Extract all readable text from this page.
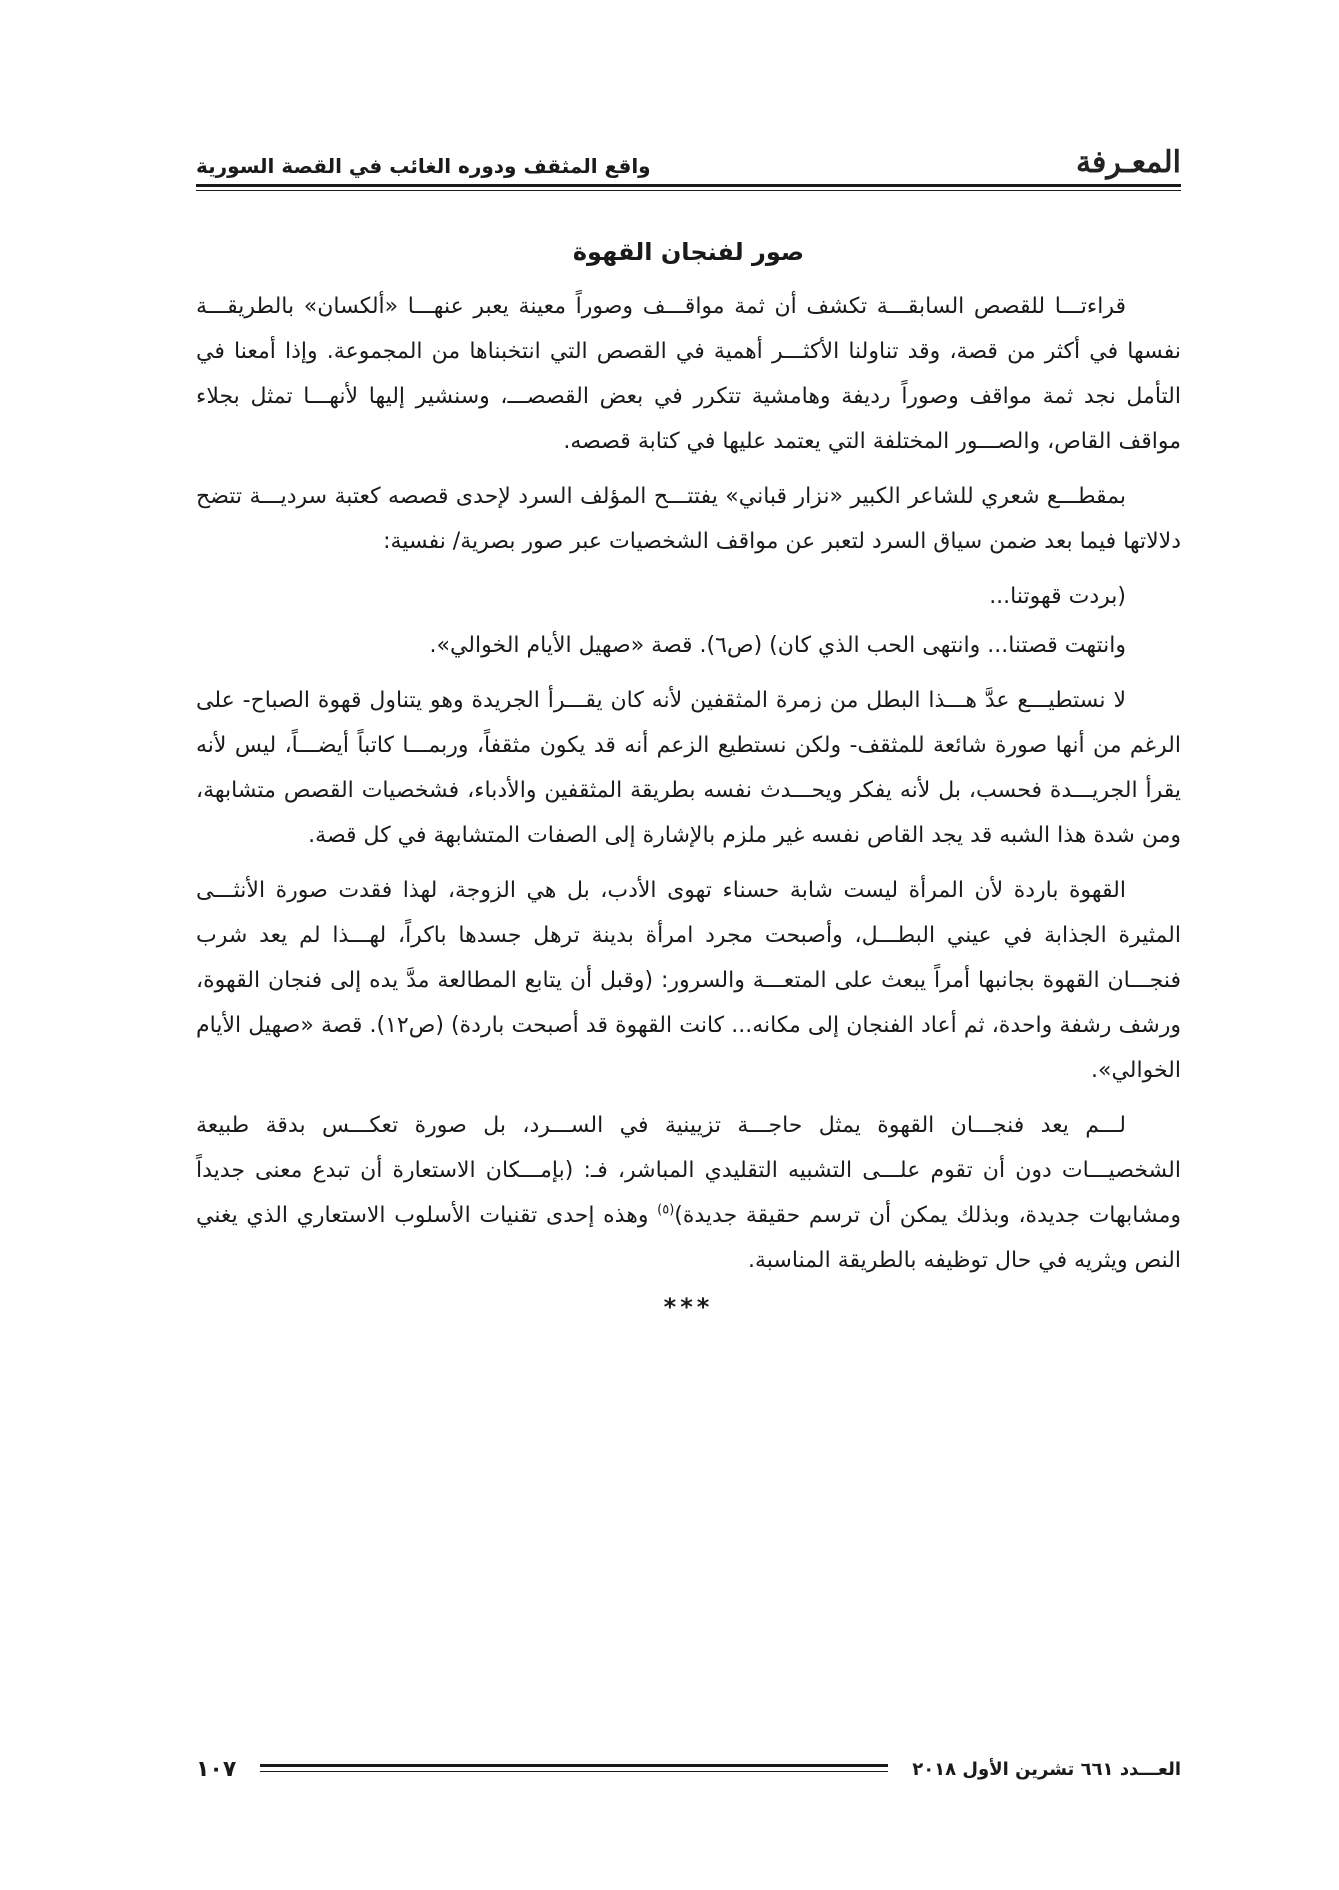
المعـرفة
واقع المثقف ودوره الغائب في القصة السورية
صور لفنجان القهوة

قراءتـــا للقصص السابقـــة تكشف أن ثمة مواقـــف وصوراً معينة يعبر عنهـــا «ألكسان» بالطريقـــة نفسها في أكثر من قصة، وقد تناولنا الأكثـــر أهمية في القصص التي انتخبناها من المجموعة. وإذا أمعنا في التأمل نجد ثمة مواقف وصوراً رديفة وهامشية تتكرر في بعض القصصـــ، وسنشير إليها لأنهـــا تمثل بجلاء مواقف القاص، والصـــور المختلفة التي يعتمد عليها في كتابة قصصه.

بمقطـــع شعري للشاعر الكبير «نزار قباني» يفتتـــح المؤلف السرد لإحدى قصصه كعتبة سرديـــة تتضح دلالاتها فيما بعد ضمن سياق السرد لتعبر عن مواقف الشخصيات عبر صور بصرية/ نفسية:

(بردت قهوتنا...

وانتهت قصتنا... وانتهى الحب الذي كان) (ص٦). قصة «صهيل الأيام الخوالي».

لا نستطيـــع عدَّ هـــذا البطل من زمرة المثقفين لأنه كان يقـــرأ الجريدة وهو يتناول قهوة الصباح- على الرغم من أنها صورة شائعة للمثقف- ولكن نستطيع الزعم أنه قد يكون مثقفاً، وربمـــا كاتباً أيضـــاً، ليس لأنه يقرأ الجريـــدة فحسب، بل لأنه يفكر ويحـــدث نفسه بطريقة المثقفين والأدباء، فشخصيات القصص متشابهة، ومن شدة هذا الشبه قد يجد القاص نفسه غير ملزم بالإشارة إلى الصفات المتشابهة في كل قصة.

القهوة باردة لأن المرأة ليست شابة حسناء تهوى الأدب، بل هي الزوجة، لهذا فقدت صورة الأنثـــى المثيرة الجذابة في عيني البطـــل، وأصبحت مجرد امرأة بدينة ترهل جسدها باكراً، لهـــذا لم يعد شرب فنجـــان القهوة بجانبها أمراً يبعث على المتعـــة والسرور: (وقبل أن يتابع المطالعة مدَّ يده إلى فنجان القهوة، ورشف رشفة واحدة، ثم أعاد الفنجان إلى مكانه... كانت القهوة قد أصبحت باردة) (ص١٢). قصة «صهيل الأيام الخوالي».

لـــم يعد فنجـــان القهوة يمثل حاجـــة تزيينية في الســـرد، بل صورة تعكـــس بدقة طبيعة الشخصيـــات دون أن تقوم علـــى التشبيه التقليدي المباشر، فـ: (بإمـــكان الاستعارة أن تبدع معنى جديداً ومشابهات جديدة، وبذلك يمكن أن ترسم حقيقة جديدة)$^{(٥)}$ وهذه إحدى تقنيات الأسلوب الاستعاري الذي يغني النص ويثريه في حال توظيفه بالطريقة المناسبة.

***
العـــدد ٦٦١ تشرين الأول ٢٠١٨
١٠٧
